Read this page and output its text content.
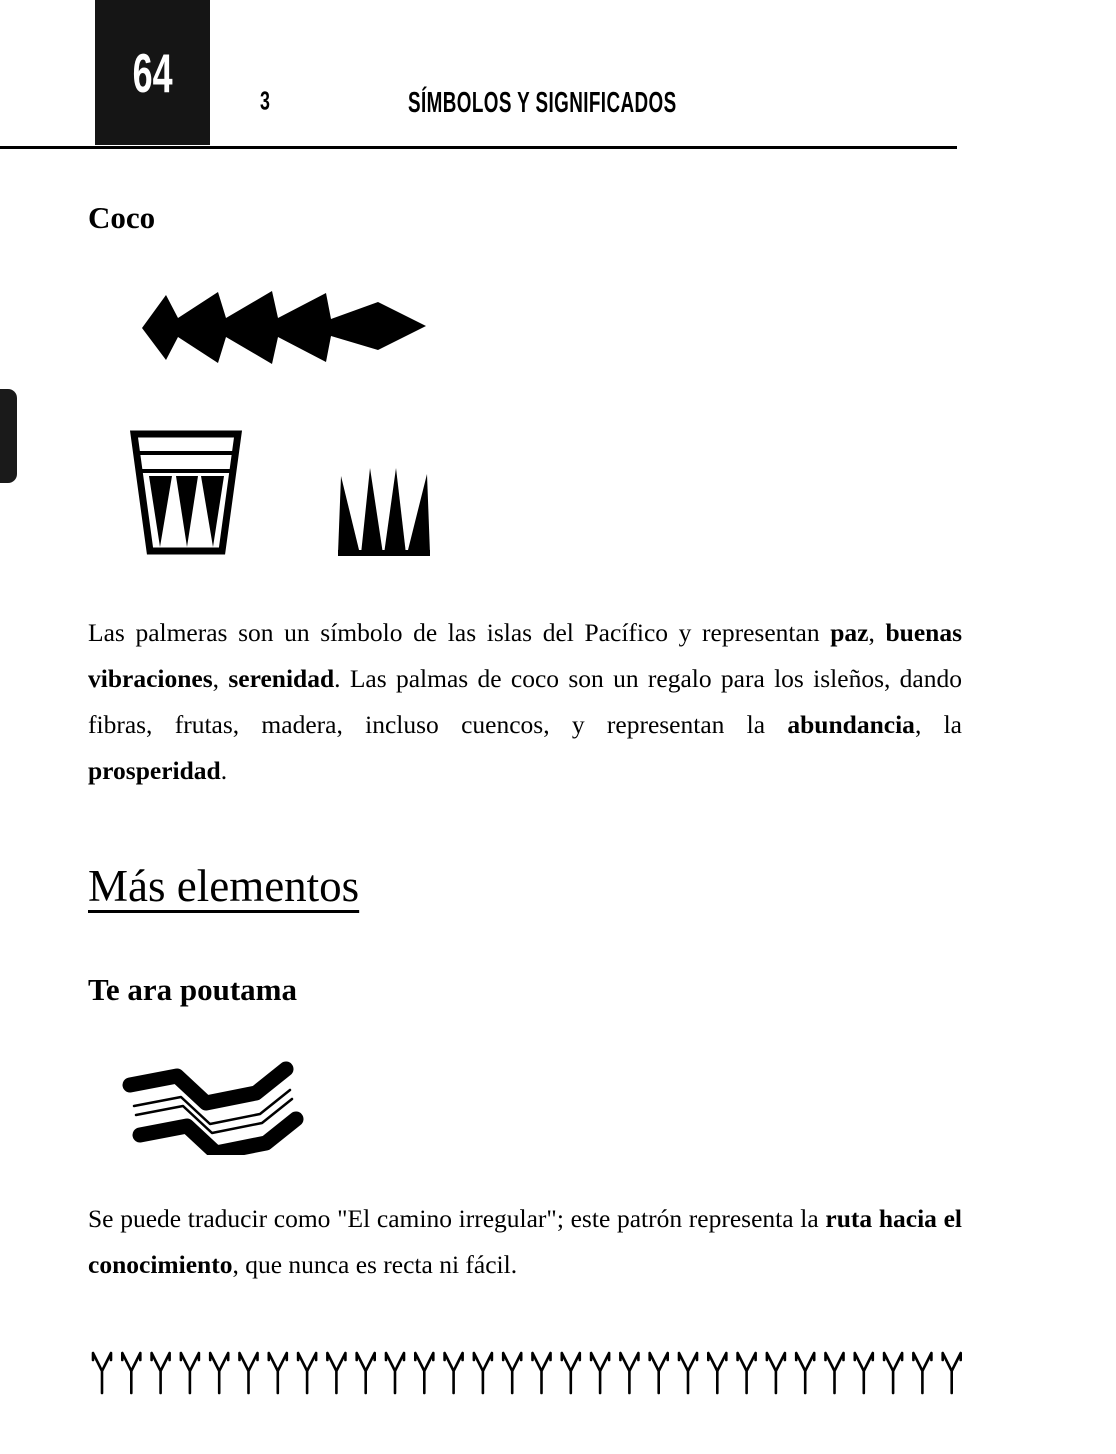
64	3	SÍMBOLOS Y SIGNIFICADOS
Coco

Las palmeras son un símbolo de las islas del Pacífico y representan paz, buenas vibraciones, serenidad. Las palmas de coco son un regalo para los isleños, dando fibras, frutas, madera, incluso cuencos, y representan la abundancia, la prosperidad.

Más elementos
Te ara poutama

Se puede traducir como "El camino irregular"; este patrón representa la ruta hacia el conocimiento, que nunca es recta ni fácil.
